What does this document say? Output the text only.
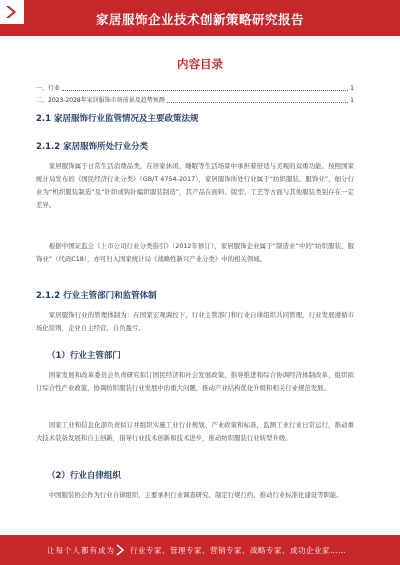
家居服饰企业技术创新策略研究报告
内容目录
一、行业	1
二、2023-2028年家居服饰市场前景及趋势预测	1
2.1 家居服饰行业监管情况及主要政策法规
2.1.2 家居服饰所处行业分类
家居服饰属于日常生活消费品类，在居家休闲、睡眠等生活场景中承担着舒适与美观的双重功能。按照国家统计局发布的《国民经济行业分类》（GB/T 4754-2017），家居服饰所处行业属于“纺织服装、服饰业”，细分行业为“机织服装制造”及“针织或钩针编织服装制造”，其产品在面料、版型、工艺等方面与其他服装类别存在一定差异。
根据中国证监会《上市公司行业分类指引》（2012年修订），家居服饰企业属于“制造业”中的“纺织服装、服饰业”（代码C18），亦可归入国家统计局《战略性新兴产业分类》中的相关领域。
2.1.2 行业主管部门和监管体制
家居服饰行业的管理体制为：在国家宏观调控下，行业主管部门和行业自律组织共同管理，行业发展遵循市场化原则，企业自主经营、自负盈亏。
（1）行业主管部门
国家发展和改革委员会负责研究拟订国民经济和社会发展政策，指导推进和综合协调经济体制改革，组织拟订综合性产业政策，协调纺织服装行业发展中的重大问题，推动产业结构优化升级和相关行业规范发展。
国家工业和信息化部负责拟订并组织实施工业行业规划、产业政策和标准，监测工业行业日常运行，推动重大技术装备发展和自主创新，指导行业技术创新和技术进步，推动纺织服装行业转型升级。
（2）行业自律组织
中国服装协会作为行业自律组织，主要承担行业调查研究、制定行规行约、推动行业标准化建设等职能。
让每个人都有成为 行业专家、管理专家、营销专家、战略专家、成功企业家……
